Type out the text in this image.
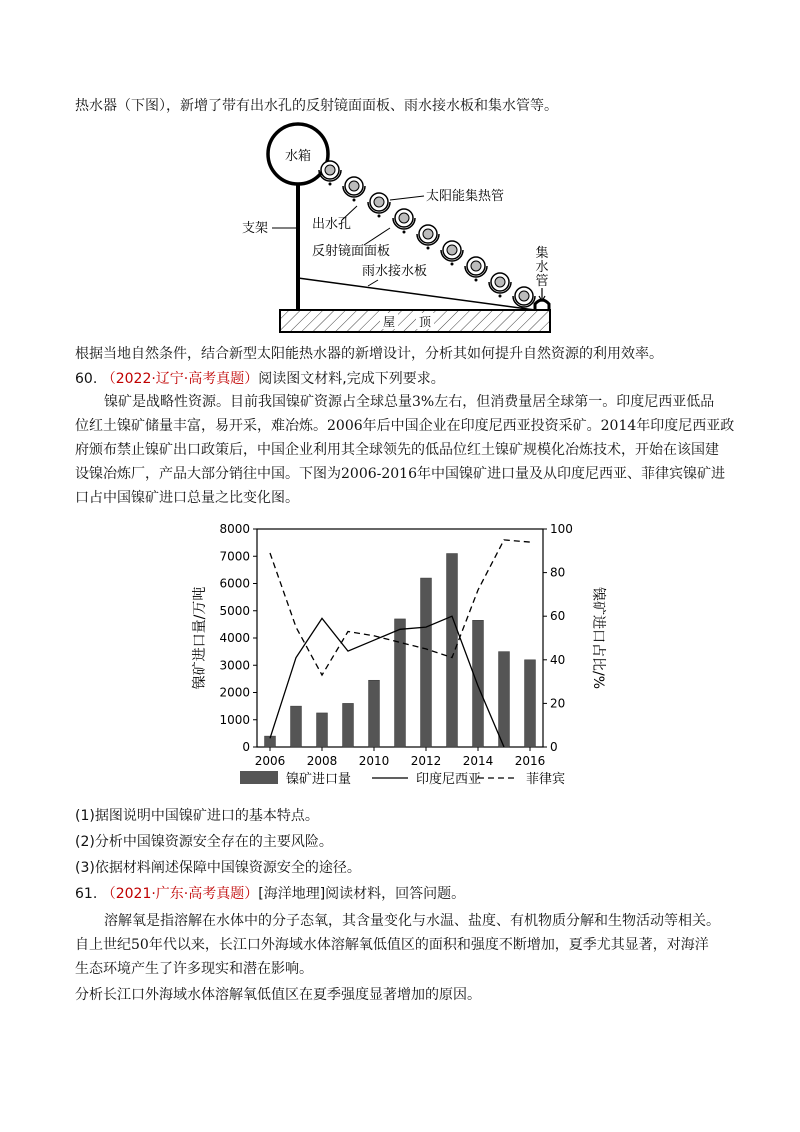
热水器（下图），新增了带有出水孔的反射镜面面板、雨水接水板和集水管等。
水箱
屋 顶
太阳能集热管
出水孔
反射镜面面板
支架
雨水接水板
集
水
管
根据当地自然条件，结合新型太阳能热水器的新增设计，分析其如何提升自然资源的利用效率。
60. （2022·辽宁·高考真题）阅读图文材料,完成下列要求。
镍矿是战略性资源。目前我国镍矿资源占全球总量3%左右，但消费量居全球第一。印度尼西亚低品
位红土镍矿储量丰富，易开采，难冶炼。2006年后中国企业在印度尼西亚投资采矿。2014年印度尼西亚政
府颁布禁止镍矿出口政策后，中国企业利用其全球领先的低品位红土镍矿规模化冶炼技术，开始在该国建
设镍冶炼厂，产品大部分销往中国。下图为2006-2016年中国镍矿进口量及从印度尼西亚、菲律宾镍矿进
口占中国镍矿进口总量之比变化图。
0
1000
2000
3000
4000
5000
6000
7000
8000
0
20
40
60
80
100
2006 2008 2010 2012 2014 2016
镍矿进口量/万吨	镍矿进口占比/%
镍矿进口量	印度尼西亚	菲律宾
(1)据图说明中国镍矿进口的基本特点。
(2)分析中国镍资源安全存在的主要风险。
(3)依据材料阐述保障中国镍资源安全的途径。
61. （2021·广东·高考真题）[海洋地理]阅读材料，回答问题。
溶解氧是指溶解在水体中的分子态氧，其含量变化与水温、盐度、有机物质分解和生物活动等相关。
自上世纪50年代以来，长江口外海域水体溶解氧低值区的面积和强度不断增加，夏季尤其显著，对海洋
生态环境产生了许多现实和潜在影响。
分析长江口外海域水体溶解氧低值区在夏季强度显著增加的原因。
